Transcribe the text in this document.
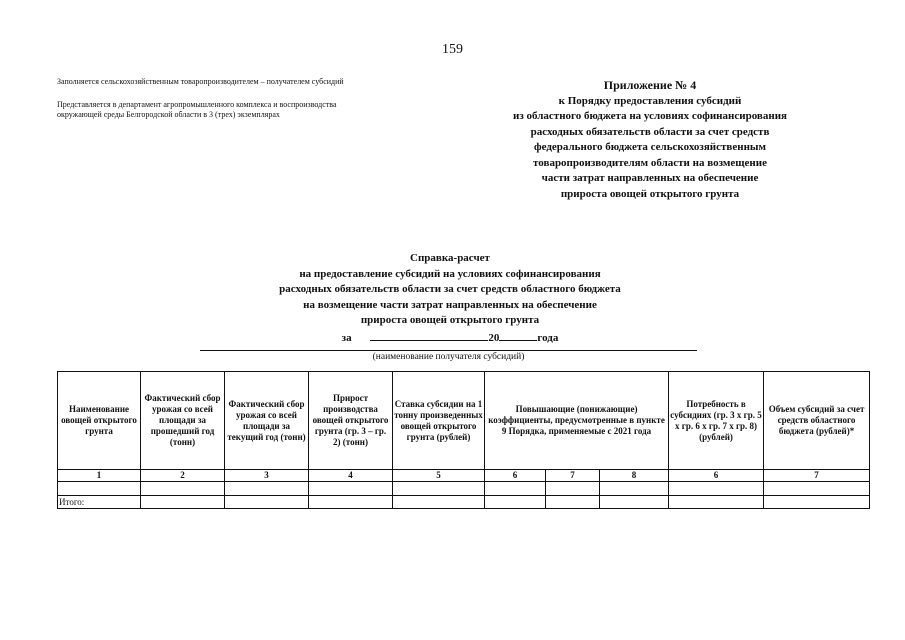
159
Заполняется сельскохозяйственным товаропроизводителем – получателем субсидий
Представляется в департамент агропромышленного комплекса и воспроизводства
окружающей среды Белгородской области в 3 (трех) экземплярах
Приложение № 4
к Порядку предоставления субсидий
из областного бюджета на условиях софинансирования
расходных обязательств области за счет средств
федерального бюджета сельскохозяйственным
товаропроизводителям области на возмещение
части затрат направленных на обеспечение
прироста овощей открытого грунта
Справка-расчет
на предоставление субсидий на условиях софинансирования
расходных обязательств области за счет средств областного бюджета
на возмещение части затрат направленных на обеспечение
прироста овощей открытого грунта
за	20	года
(наименование получателя субсидий)
Наименование овощей открытого грунта	Фактический сбор урожая со всей площади за прошедший год (тонн)	Фактический сбор урожая со всей площади за текущий год (тонн)	Прирост производства овощей открытого грунта (гр. 3 – гр. 2) (тонн)	Ставка субсидии на 1 тонну произведенных овощей открытого грунта (рублей)	Повышающие (понижающие) коэффициенты, предусмотренные в пункте 9 Порядка, применяемые с 2021 года			Потребность в субсидиях (гр. 3 х гр. 5 х гр. 6 х гр. 7 х гр. 8) (рублей)	Объем субсидий за счет средств областного бюджета (рублей)*
1	2	3	4	5	6	7	8	6	7

Итого:									
